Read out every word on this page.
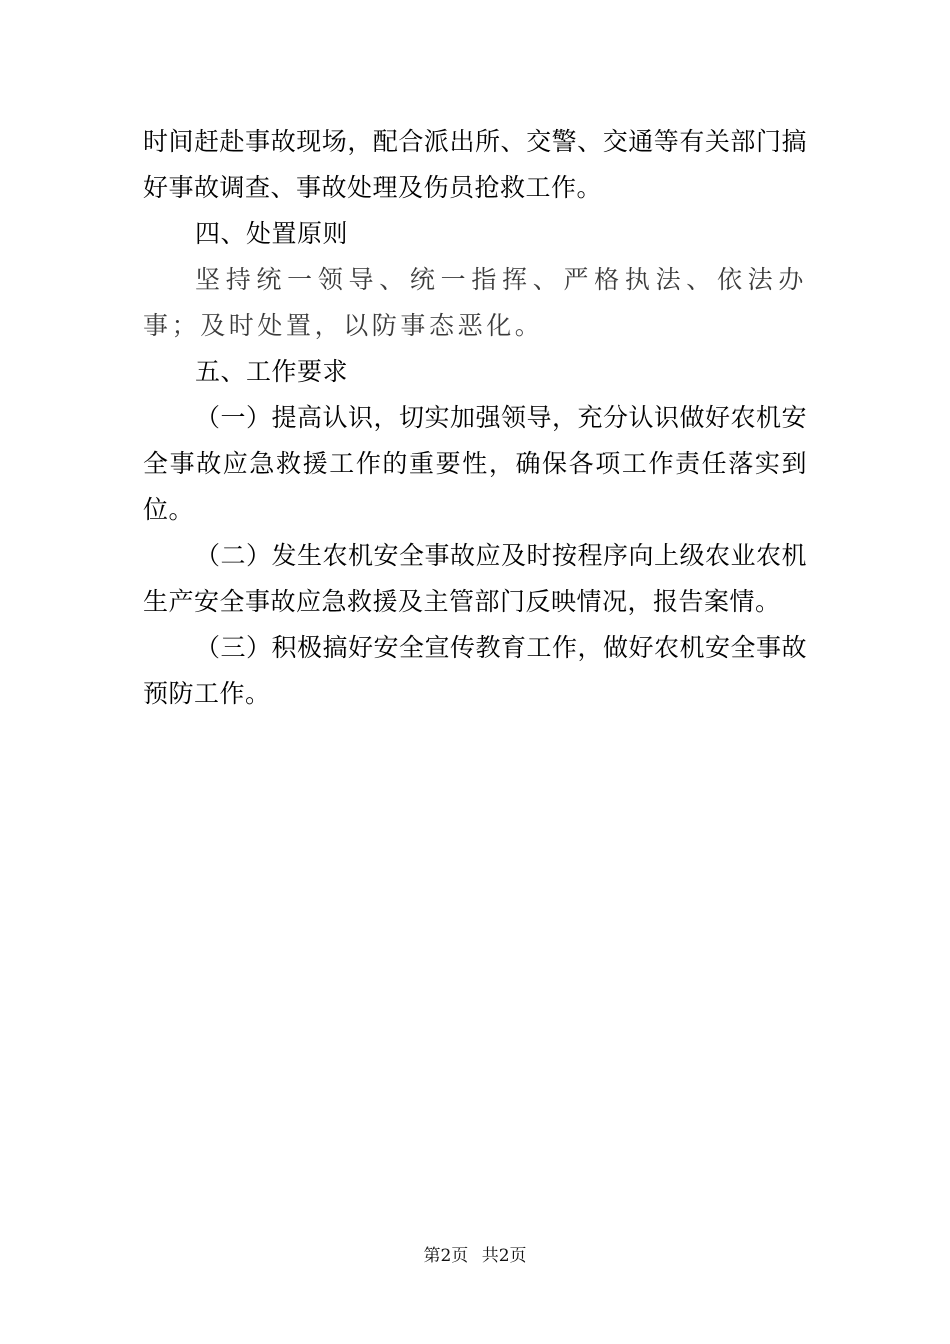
时间赶赴事故现场，配合派出所、交警、交通等有关部门搞好事故调查、事故处理及伤员抢救工作。

四、处置原则

坚持统一领导、统一指挥、严格执法、依法办事；及时处置，以防事态恶化。

五、工作要求

（一）提高认识，切实加强领导，充分认识做好农机安全事故应急救援工作的重要性，确保各项工作责任落实到位。

（二）发生农机安全事故应及时按程序向上级农业农机生产安全事故应急救援及主管部门反映情况，报告案情。

（三）积极搞好安全宣传教育工作，做好农机安全事故预防工作。

第2页 共2页
